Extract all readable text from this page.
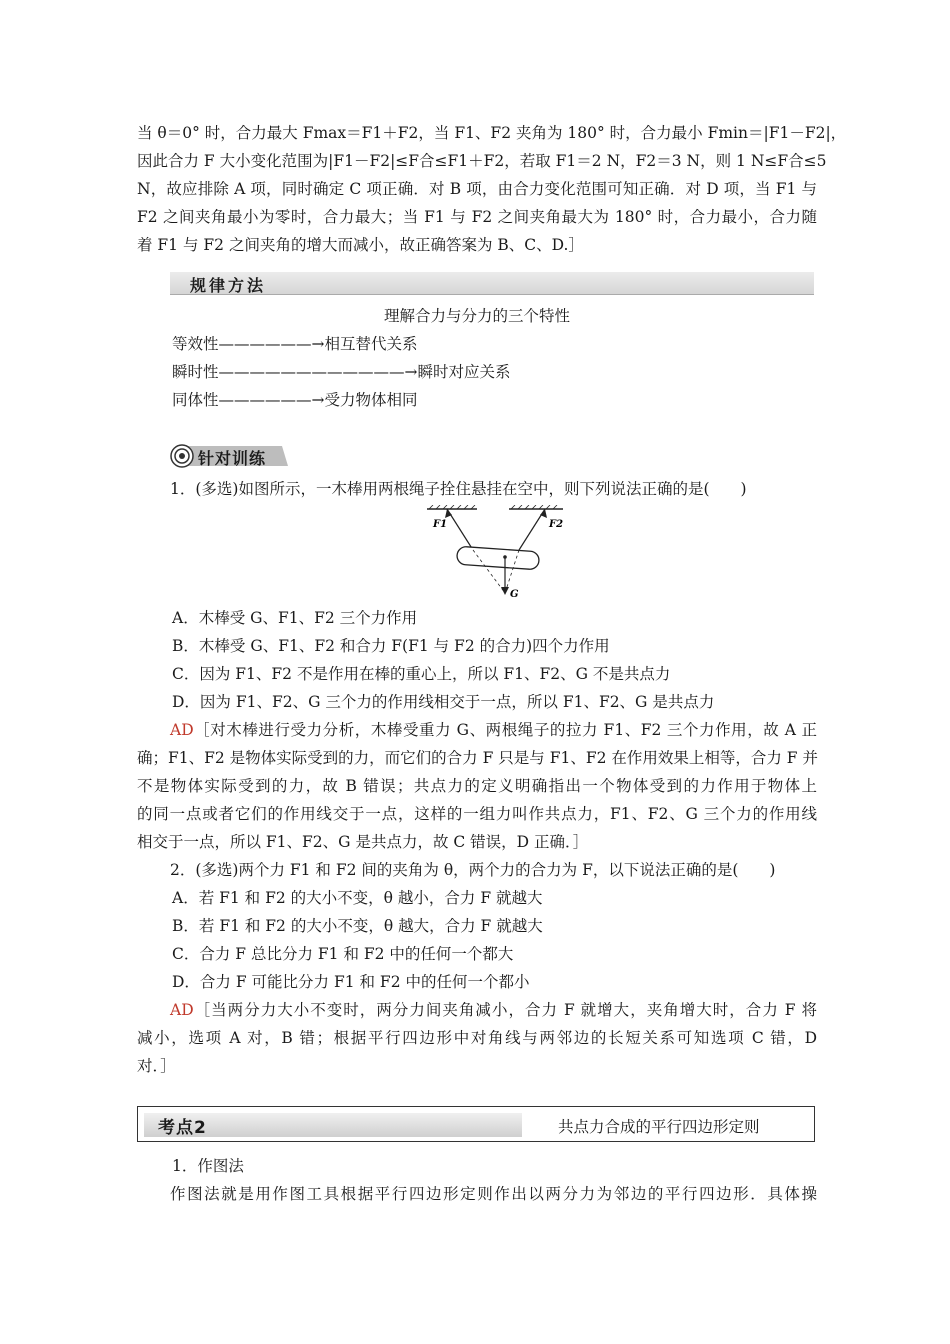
当 θ＝0° 时，合力最大 Fmax＝F1＋F2，当 F1、F2 夹角为 180° 时，合力最小 Fmin＝|F1－F2|，
因此合力 F 大小变化范围为|F1－F2|≤F合≤F1＋F2，若取 F1＝2 N，F2＝3 N，则 1 N≤F合≤5
N，故应排除 A 项，同时确定 C 项正确．对 B 项，由合力变化范围可知正确．对 D 项，当 F1 与
F2 之间夹角最小为零时，合力最大；当 F1 与 F2 之间夹角最大为 180° 时，合力最小，合力随
着 F1 与 F2 之间夹角的增大而减小，故正确答案为 B、C、D.］
规律方法
理解合力与分力的三个特性
等效性——————→相互替代关系
瞬时性————————————→瞬时对应关系
同体性——————→受力物体相同
针对训练
1．(多选)如图所示，一木棒用两根绳子拴住悬挂在空中，则下列说法正确的是(　　)
F1	F2
G
A．木棒受 G、F1、F2 三个力作用
B．木棒受 G、F1、F2 和合力 F(F1 与 F2 的合力)四个力作用
C．因为 F1、F2 不是作用在棒的重心上，所以 F1、F2、G 不是共点力
D．因为 F1、F2、G 三个力的作用线相交于一点，所以 F1、F2、G 是共点力
AD［对木棒进行受力分析，木棒受重力 G、两根绳子的拉力 F1、F2 三个力作用，故 A 正
确；F1、F2 是物体实际受到的力，而它们的合力 F 只是与 F1、F2 在作用效果上相等，合力 F 并
不是物体实际受到的力，故 B 错误；共点力的定义明确指出一个物体受到的力作用于物体上
的同一点或者它们的作用线交于一点，这样的一组力叫作共点力，F1、F2、G 三个力的作用线
相交于一点，所以 F1、F2、G 是共点力，故 C 错误，D 正确．］
2．(多选)两个力 F1 和 F2 间的夹角为 θ，两个力的合力为 F，以下说法正确的是(　　)
A．若 F1 和 F2 的大小不变，θ 越小，合力 F 就越大
B．若 F1 和 F2 的大小不变，θ 越大，合力 F 就越大
C．合力 F 总比分力 F1 和 F2 中的任何一个都大
D．合力 F 可能比分力 F1 和 F2 中的任何一个都小
AD［当两分力大小不变时，两分力间夹角减小，合力 F 就增大，夹角增大时，合力 F 将
减小，选项 A 对，B 错；根据平行四边形中对角线与两邻边的长短关系可知选项 C 错，D
对．］
考点2	共点力合成的平行四边形定则
1．作图法
作图法就是用作图工具根据平行四边形定则作出以两分力为邻边的平行四边形．具体操
